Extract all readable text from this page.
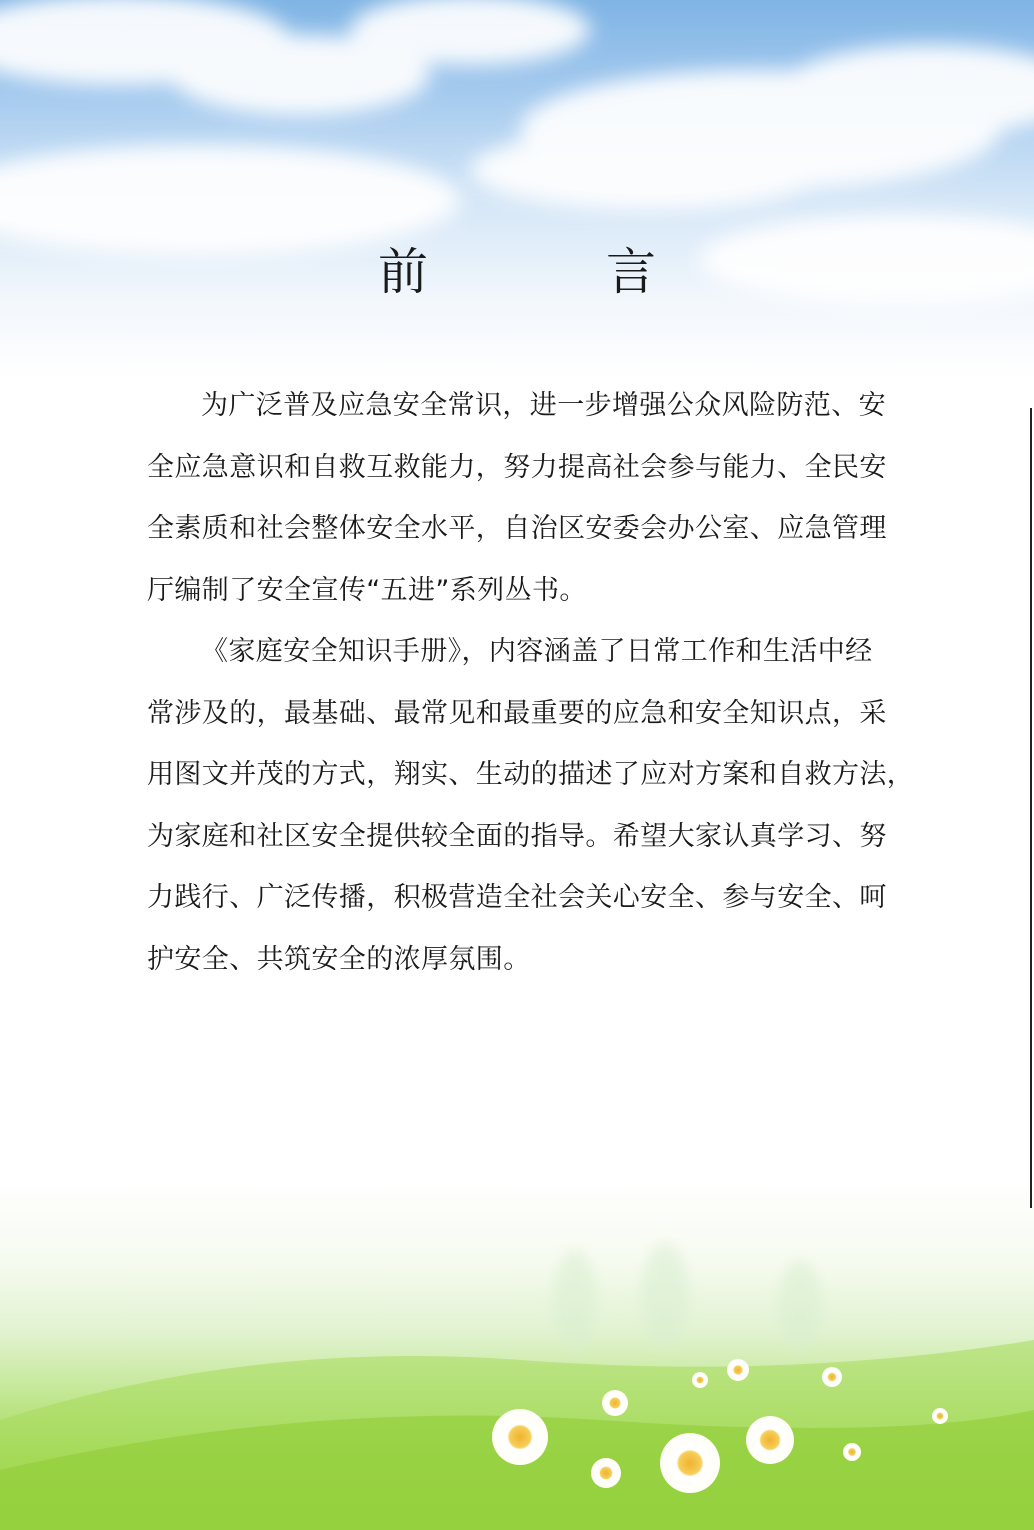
前　言

为广泛普及应急安全常识，进一步增强公众风险防范、安
全应急意识和自救互救能力，努力提高社会参与能力、全民安
全素质和社会整体安全水平，自治区安委会办公室、应急管理
厅编制了安全宣传“五进”系列丛书。

《家庭安全知识手册》，内容涵盖了日常工作和生活中经
常涉及的，最基础、最常见和最重要的应急和安全知识点，采
用图文并茂的方式，翔实、生动的描述了应对方案和自救方法，
为家庭和社区安全提供较全面的指导。希望大家认真学习、努
力践行、广泛传播，积极营造全社会关心安全、参与安全、呵
护安全、共筑安全的浓厚氛围。
